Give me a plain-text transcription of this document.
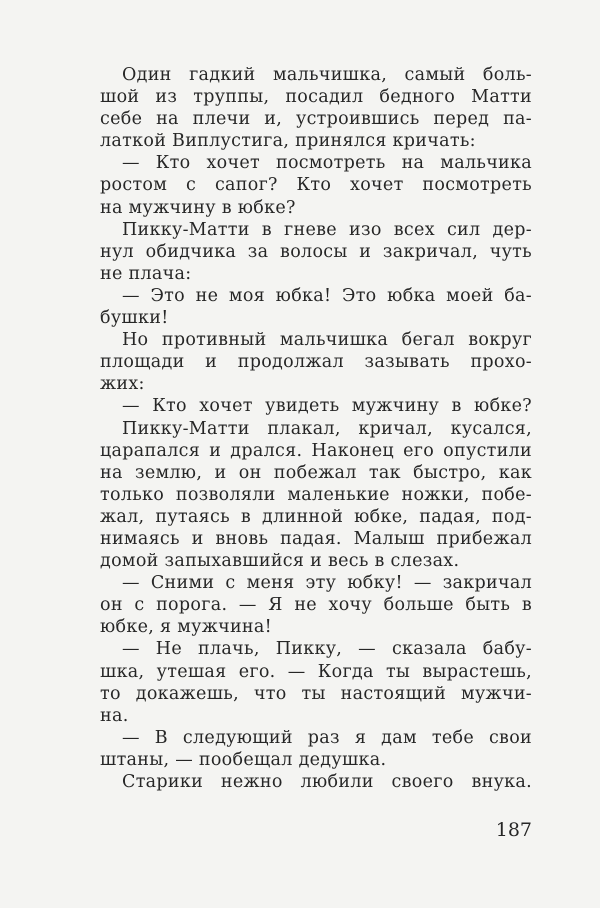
Один гадкий мальчишка, самый боль-
шой из труппы, посадил бедного Матти
себе на плечи и, устроившись перед па-
латкой Виплустига, принялся кричать:
— Кто хочет посмотреть на мальчика
ростом с сапог? Кто хочет посмотреть
на мужчину в юбке?
Пикку-Матти в гневе изо всех сил дер-
нул обидчика за волосы и закричал, чуть
не плача:
— Это не моя юбка! Это юбка моей ба-
бушки!
Но противный мальчишка бегал вокруг
площади и продолжал зазывать прохо-
жих:
— Кто хочет увидеть мужчину в юбке?
Пикку-Матти плакал, кричал, кусался,
царапался и дрался. Наконец его опустили
на землю, и он побежал так быстро, как
только позволяли маленькие ножки, побе-
жал, путаясь в длинной юбке, падая, под-
нимаясь и вновь падая. Малыш прибежал
домой запыхавшийся и весь в слезах.
— Сними с меня эту юбку! — закричал
он с порога. — Я не хочу больше быть в
юбке, я мужчина!
— Не плачь, Пикку, — сказала бабу-
шка, утешая его. — Когда ты вырастешь,
то докажешь, что ты настоящий мужчи-
на.
— В следующий раз я дам тебе свои
штаны, — пообещал дедушка.
Старики нежно любили своего внука.
187
